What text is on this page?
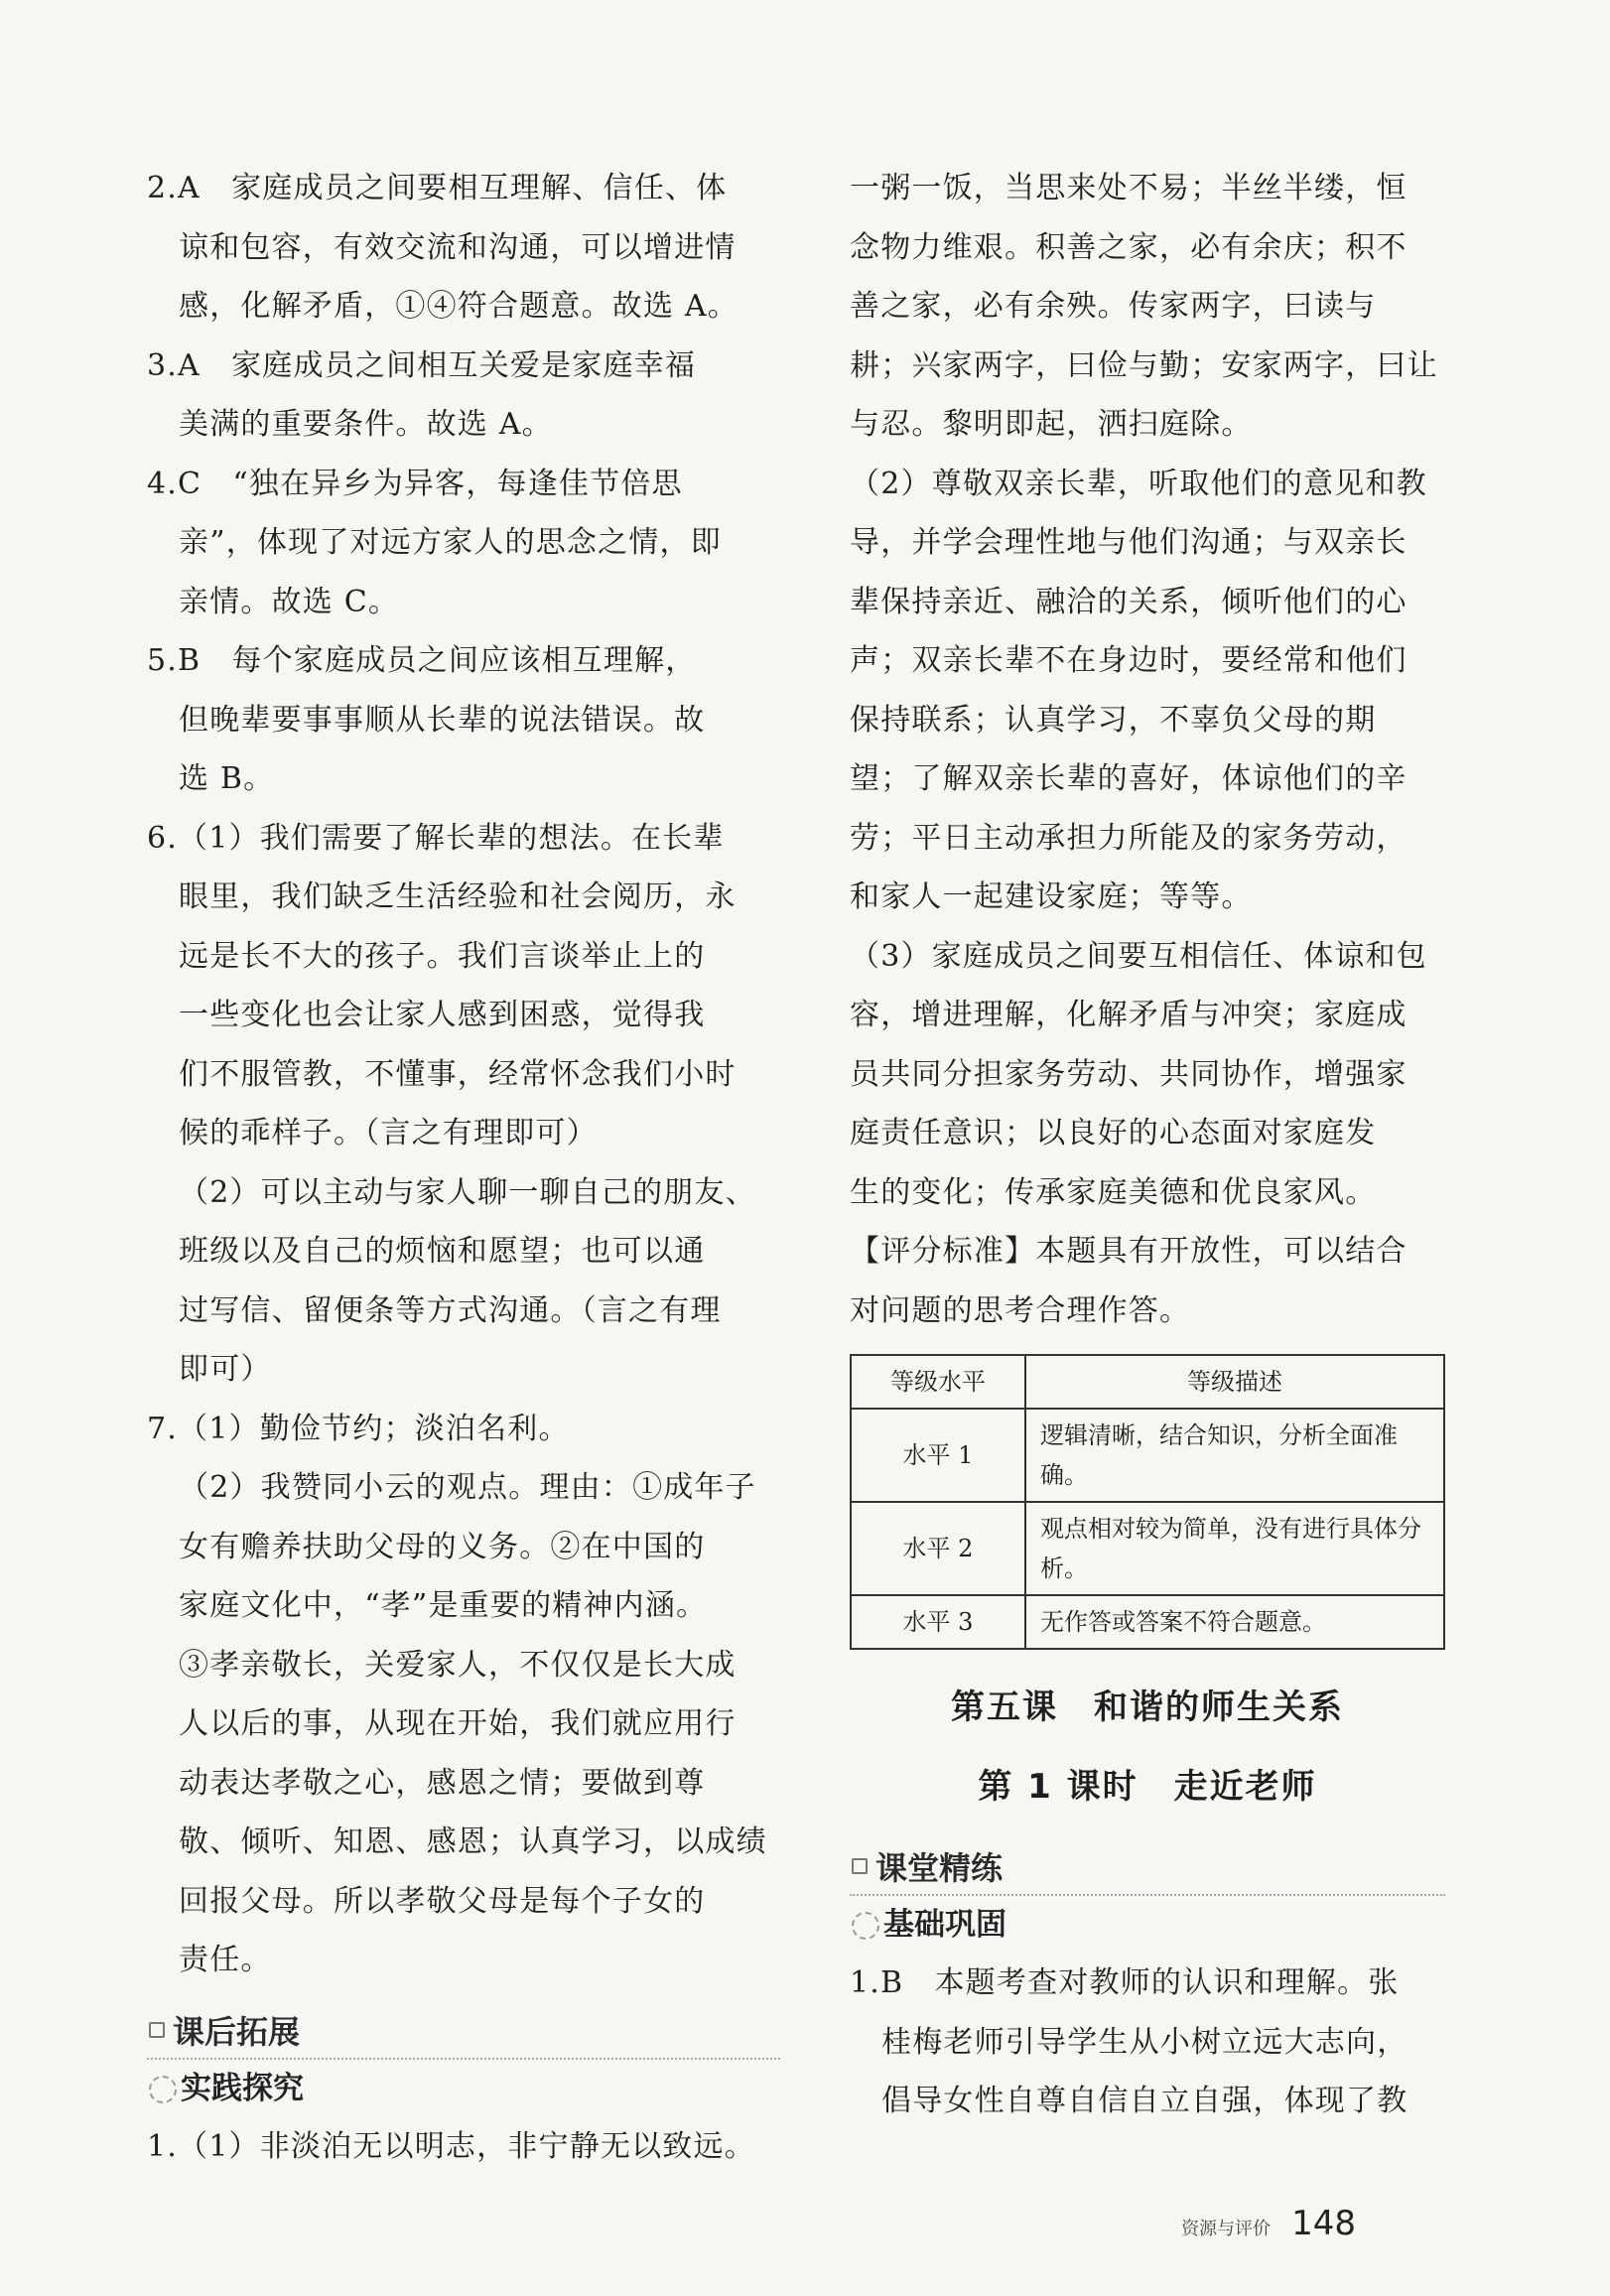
2.A　家庭成员之间要相互理解、信任、体

谅和包容，有效交流和沟通，可以增进情

感，化解矛盾，①④符合题意。故选 A。

3.A　家庭成员之间相互关爱是家庭幸福

美满的重要条件。故选 A。

4.C　“独在异乡为异客，每逢佳节倍思

亲”，体现了对远方家人的思念之情，即

亲情。故选 C。

5.B　每个家庭成员之间应该相互理解，

但晚辈要事事顺从长辈的说法错误。故

选 B。

6.（1）我们需要了解长辈的想法。在长辈

眼里，我们缺乏生活经验和社会阅历，永

远是长不大的孩子。我们言谈举止上的

一些变化也会让家人感到困惑，觉得我

们不服管教，不懂事，经常怀念我们小时

候的乖样子。（言之有理即可）

（2）可以主动与家人聊一聊自己的朋友、

班级以及自己的烦恼和愿望；也可以通

过写信、留便条等方式沟通。（言之有理

即可）

7.（1）勤俭节约；淡泊名利。

（2）我赞同小云的观点。理由：①成年子

女有赡养扶助父母的义务。②在中国的

家庭文化中，“孝”是重要的精神内涵。

③孝亲敬长，关爱家人，不仅仅是长大成

人以后的事，从现在开始，我们就应用行

动表达孝敬之心，感恩之情；要做到尊

敬、倾听、知恩、感恩；认真学习，以成绩

回报父母。所以孝敬父母是每个子女的

责任。

课后拓展
实践探究

1.（1）非淡泊无以明志，非宁静无以致远。

一粥一饭，当思来处不易；半丝半缕，恒

念物力维艰。积善之家，必有余庆；积不

善之家，必有余殃。传家两字，曰读与

耕；兴家两字，曰俭与勤；安家两字，曰让

与忍。黎明即起，洒扫庭除。

（2）尊敬双亲长辈，听取他们的意见和教

导，并学会理性地与他们沟通；与双亲长

辈保持亲近、融洽的关系，倾听他们的心

声；双亲长辈不在身边时，要经常和他们

保持联系；认真学习，不辜负父母的期

望；了解双亲长辈的喜好，体谅他们的辛

劳；平日主动承担力所能及的家务劳动，

和家人一起建设家庭；等等。

（3）家庭成员之间要互相信任、体谅和包

容，增进理解，化解矛盾与冲突；家庭成

员共同分担家务劳动、共同协作，增强家

庭责任意识；以良好的心态面对家庭发

生的变化；传承家庭美德和优良家风。

【评分标准】本题具有开放性，可以结合

对问题的思考合理作答。

等级水平	等级描述
水平 1	逻辑清晰，结合知识，分析全面准确。
水平 2	观点相对较为简单，没有进行具体分析。
水平 3	无作答或答案不符合题意。
第五课　和谐的师生关系
第 1 课时　走近老师
课堂精练
基础巩固

1.B　本题考查对教师的认识和理解。张

桂梅老师引导学生从小树立远大志向，

倡导女性自尊自信自立自强，体现了教

资源与评价 148
